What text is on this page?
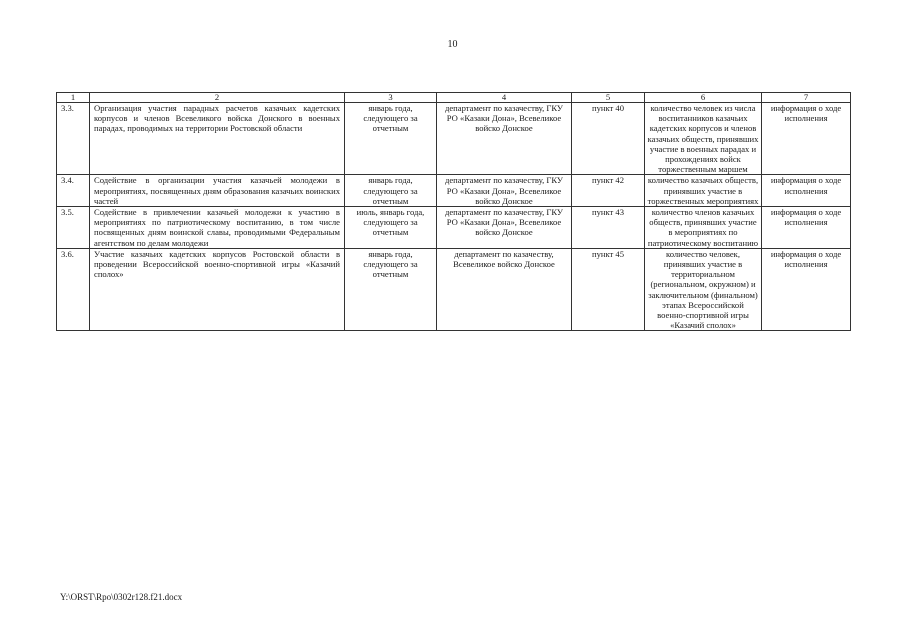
10
1	2	3	4	5	6	7
3.3.	Организация участия парадных расчетов казачьих кадетских корпусов и членов Всевеликого войска Донского в военных парадах, проводимых на территории Ростовской области	январь года, следующего за отчетным	департамент по казачеству, ГКУ РО «Казаки Дона», Всевеликое войско Донское	пункт 40	количество человек из числа воспитанников казачьих кадетских корпусов и членов казачьих обществ, принявших участие в военных парадах и прохождениях войск торжественным маршем	информация о ходе исполнения
3.4.	Содействие в организации участия казачьей молодежи в мероприятиях, посвященных дням образования казачьих воинских частей	январь года, следующего за отчетным	департамент по казачеству, ГКУ РО «Казаки Дона», Всевеликое войско Донское	пункт 42	количество казачьих обществ, принявших участие в торжественных мероприятиях	информация о ходе исполнения
3.5.	Содействие в привлечении казачьей молодежи к участию в мероприятиях по патриотическому воспитанию, в том числе посвященных дням воинской славы, проводимыми Федеральным агентством по делам молодежи	июль, январь года, следующего за отчетным	департамент по казачеству, ГКУ РО «Казаки Дона», Всевеликое войско Донское	пункт 43	количество членов казачьих обществ, принявших участие в мероприятиях по патриотическому воспитанию	информация о ходе исполнения
3.6.	Участие казачьих кадетских корпусов Ростовской области в проведении Всероссийской военно-спортивной игры «Казачий сполох»	январь года, следующего за отчетным	департамент по казачеству, Всевеликое войско Донское	пункт 45	количество человек, принявших участие в территориальном (региональном, окружном) и заключительном (финальном) этапах Всероссийской военно-спортивной игры «Казачий сполох»	информация о ходе исполнения
Y:\ORST\Rpo\0302r128.f21.docx
